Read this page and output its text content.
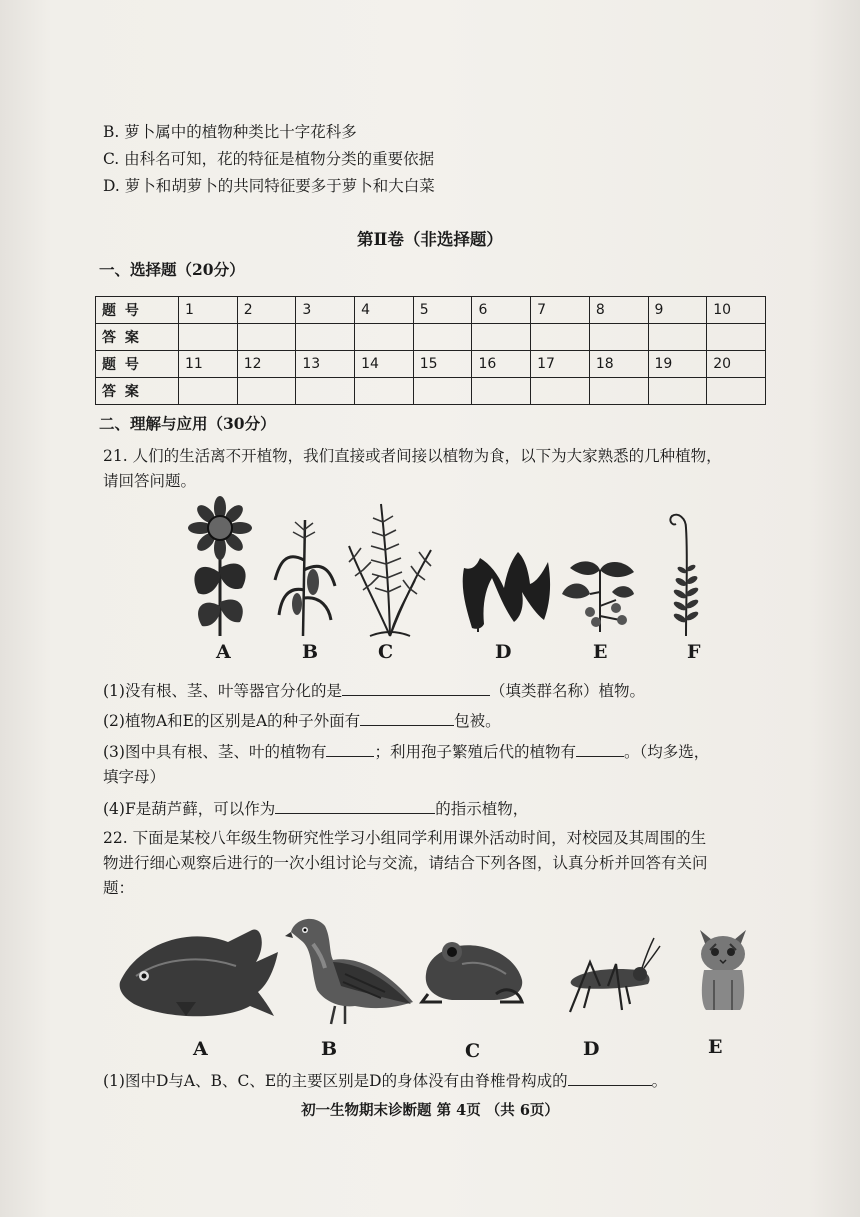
B. 萝卜属中的植物种类比十字花科多
C. 由科名可知，花的特征是植物分类的重要依据
D. 萝卜和胡萝卜的共同特征要多于萝卜和大白菜
第Ⅱ卷（非选择题）
一、选择题（20分）
题 号	1	2	3	4	5	6	7	8	9	10
答 案										
题 号	11	12	13	14	15	16	17	18	19	20
答 案										
二、理解与应用（30分）
21. 人们的生活离不开植物，我们直接或者间接以植物为食，以下为大家熟悉的几种植物，
请回答问题。
A	B	C	D	E	F
(1)没有根、茎、叶等器官分化的是	（填类群名称）植物。
(2)植物A和E的区别是A的种子外面有	包被。
(3)图中具有根、茎、叶的植物有	；利用孢子繁殖后代的植物有	。（均多选，
填字母）
(4)F是葫芦藓，可以作为	的指示植物，
22. 下面是某校八年级生物研究性学习小组同学利用课外活动时间，对校园及其周围的生
物进行细心观察后进行的一次小组讨论与交流，请结合下列各图，认真分析并回答有关问
题：
A	B	C	D	E
(1)图中D与A、B、C、E的主要区别是D的身体没有由脊椎骨构成的	。
初一生物期末诊断题 第 4页 （共 6页）
